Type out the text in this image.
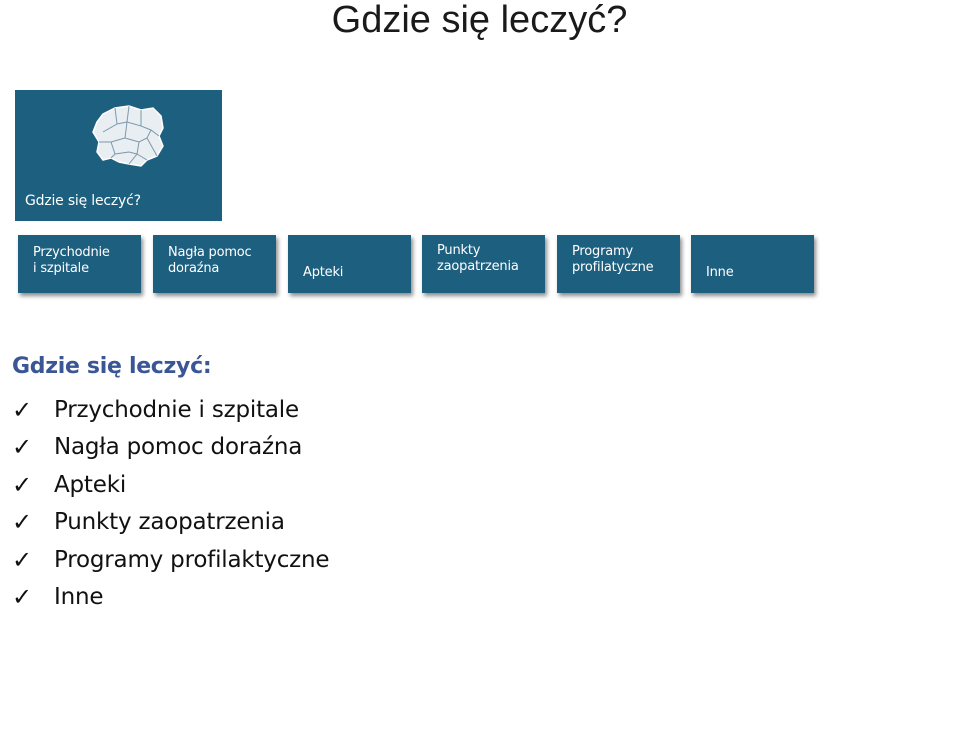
Gdzie się leczyć?
Gdzie się leczyć?
Przychodnie
i szpitale
Nagła pomoc
doraźna	Apteki
Punkty
zaopatrzenia
Programy
profilatyczne	Inne
Gdzie się leczyć:
✓ Przychodnie i szpitale
✓ Nagła pomoc doraźna
✓ Apteki
✓ Punkty zaopatrzenia
✓ Programy profilaktyczne
✓ Inne
